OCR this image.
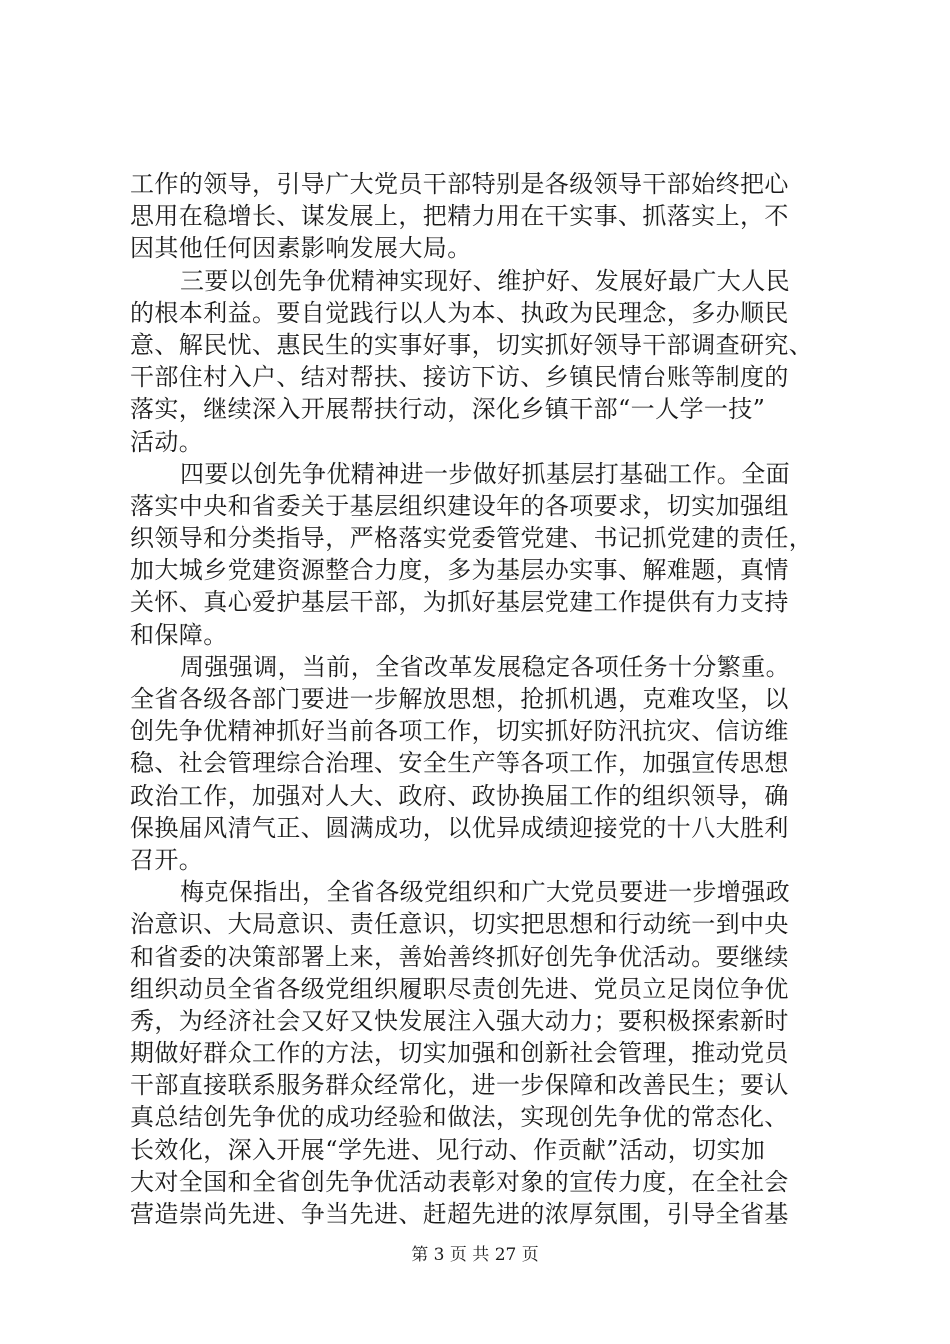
工作的领导，引导广大党员干部特别是各级领导干部始终把心
思用在稳增长、谋发展上，把精力用在干实事、抓落实上，不
因其他任何因素影响发展大局。
三要以创先争优精神实现好、维护好、发展好最广大人民
的根本利益。要自觉践行以人为本、执政为民理念，多办顺民
意、解民忧、惠民生的实事好事，切实抓好领导干部调查研究、
干部住村入户、结对帮扶、接访下访、乡镇民情台账等制度的
落实，继续深入开展帮扶行动，深化乡镇干部“一人学一技”
活动。
四要以创先争优精神进一步做好抓基层打基础工作。全面
落实中央和省委关于基层组织建设年的各项要求，切实加强组
织领导和分类指导，严格落实党委管党建、书记抓党建的责任，
加大城乡党建资源整合力度，多为基层办实事、解难题，真情
关怀、真心爱护基层干部，为抓好基层党建工作提供有力支持
和保障。
周强强调，当前，全省改革发展稳定各项任务十分繁重。
全省各级各部门要进一步解放思想，抢抓机遇，克难攻坚，以
创先争优精神抓好当前各项工作，切实抓好防汛抗灾、信访维
稳、社会管理综合治理、安全生产等各项工作，加强宣传思想
政治工作，加强对人大、政府、政协换届工作的组织领导，确
保换届风清气正、圆满成功，以优异成绩迎接党的十八大胜利
召开。
梅克保指出，全省各级党组织和广大党员要进一步增强政
治意识、大局意识、责任意识，切实把思想和行动统一到中央
和省委的决策部署上来，善始善终抓好创先争优活动。要继续
组织动员全省各级党组织履职尽责创先进、党员立足岗位争优
秀，为经济社会又好又快发展注入强大动力；要积极探索新时
期做好群众工作的方法，切实加强和创新社会管理，推动党员
干部直接联系服务群众经常化，进一步保障和改善民生；要认
真总结创先争优的成功经验和做法，实现创先争优的常态化、
长效化，深入开展“学先进、见行动、作贡献”活动，切实加
大对全国和全省创先争优活动表彰对象的宣传力度，在全社会
营造崇尚先进、争当先进、赶超先进的浓厚氛围，引导全省基
第 3 页 共 27 页
